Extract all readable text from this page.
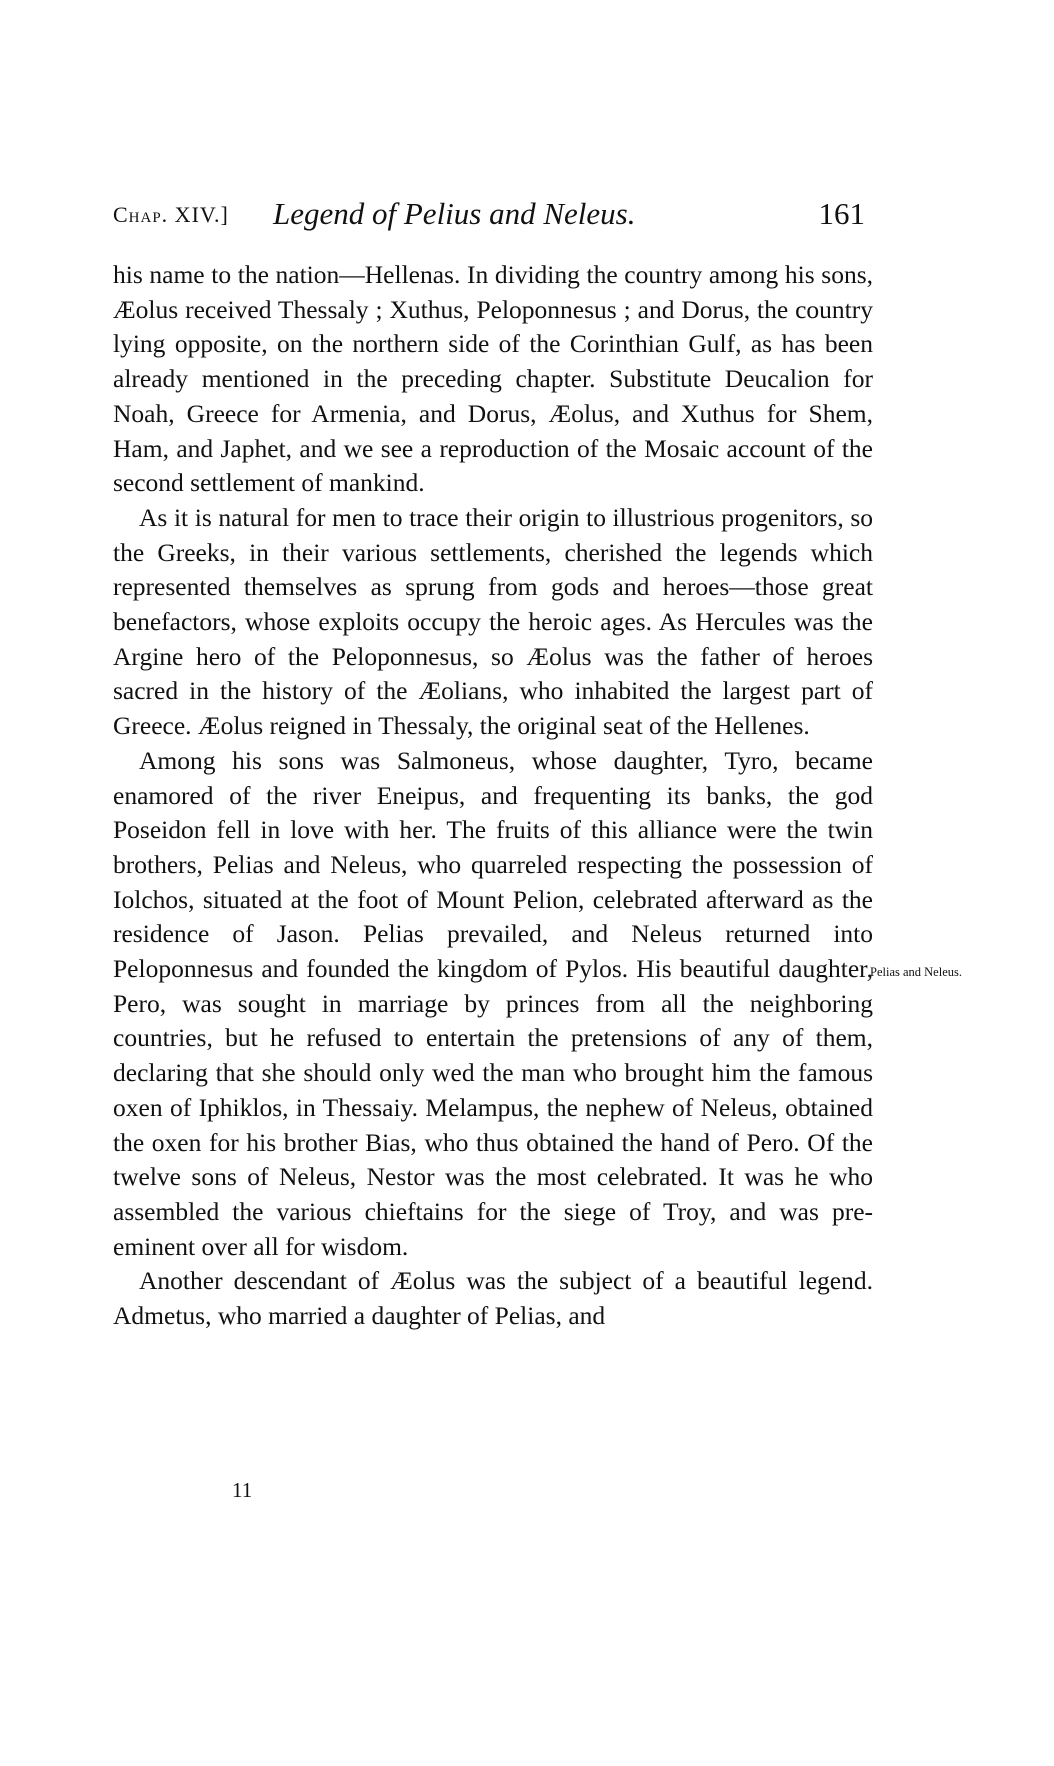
Chap. XIV.] Legend of Pelius and Neleus.	161

his name to the nation—Hellenas. In dividing the country among his sons, Æolus received Thessaly ; Xuthus, Peloponnesus ; and Dorus, the country lying opposite, on the northern side of the Corinthian Gulf, as has been already mentioned in the preceding chapter. Substitute Deucalion for Noah, Greece for Armenia, and Dorus, Æolus, and Xuthus for Shem, Ham, and Japhet, and we see a reproduction of the Mosaic account of the second settlement of mankind.

As it is natural for men to trace their origin to illustrious progenitors, so the Greeks, in their various settlements, cherished the legends which represented themselves as sprung from gods and heroes—those great benefactors, whose exploits occupy the heroic ages. As Hercules was the Argine hero of the Peloponnesus, so Æolus was the father of heroes sacred in the history of the Æolians, who inhabited the largest part of Greece. Æolus reigned in Thessaly, the original seat of the Hellenes.

Among his sons was Salmoneus, whose daughter, Tyro, became enamored of the river Eneipus, and frequenting its banks, the god Poseidon fell in love with her. The fruits of this alliance were the twin brothers, Pelias and Neleus, who quarreled respecting the possession of Iolchos, situated at the foot of Mount Pelion, celebrated afterward as the residence of Jason. Pelias prevailed, and Neleus returned into Peloponnesus and founded the kingdom of Pylos. His beautiful daughter, Pero, was sought in marriage by princes from all the neighboring countries, but he refused to entertain the pretensions of any of them, declaring that she should only wed the man who brought him the famous oxen of Iphiklos, in Thessaiy. Melampus, the nephew of Neleus, obtained the oxen for his brother Bias, who thus obtained the hand of Pero. Of the twelve sons of Neleus, Nestor was the most celebrated. It was he who assembled the various chieftains for the siege of Troy, and was pre-eminent over all for wisdom.

Another descendant of Æolus was the subject of a beautiful legend. Admetus, who married a daughter of Pelias, and

Pelias and Neleus.
11
